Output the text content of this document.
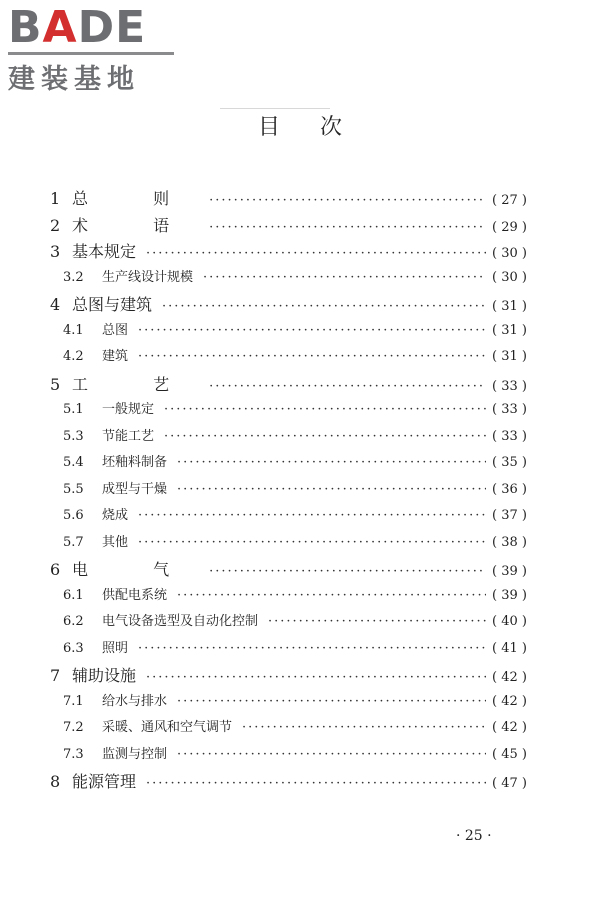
BADE
建装基地
目次
1 总 则 ·····	( 27 )
2 术 语 ·····	( 29 )
3 基本规定 ·····	( 30 )
3.2	生产线设计规模 ·····	( 30 )
4 总图与建筑 ·····	( 31 )
4.1	总图 ·····	( 31 )
4.2	建筑 ·····	( 31 )
5 工 艺 ·····	( 33 )
5.1	一般规定 ·····	( 33 )
5.3	节能工艺 ·····	( 33 )
5.4	坯釉料制备 ·····	( 35 )
5.5	成型与干燥 ·····	( 36 )
5.6	烧成 ·····	( 37 )
5.7	其他 ·····	( 38 )
6 电 气 ·····	( 39 )
6.1	供配电系统 ·····	( 39 )
6.2	电气设备选型及自动化控制 ·····	( 40 )
6.3	照明 ·····	( 41 )
7 辅助设施 ·····	( 42 )
7.1	给水与排水 ·····	( 42 )
7.2	采暖、通风和空气调节 ·····	( 42 )
7.3	监测与控制 ·····	( 45 )
8 能源管理 ·····	( 47 )
· 25 ·
